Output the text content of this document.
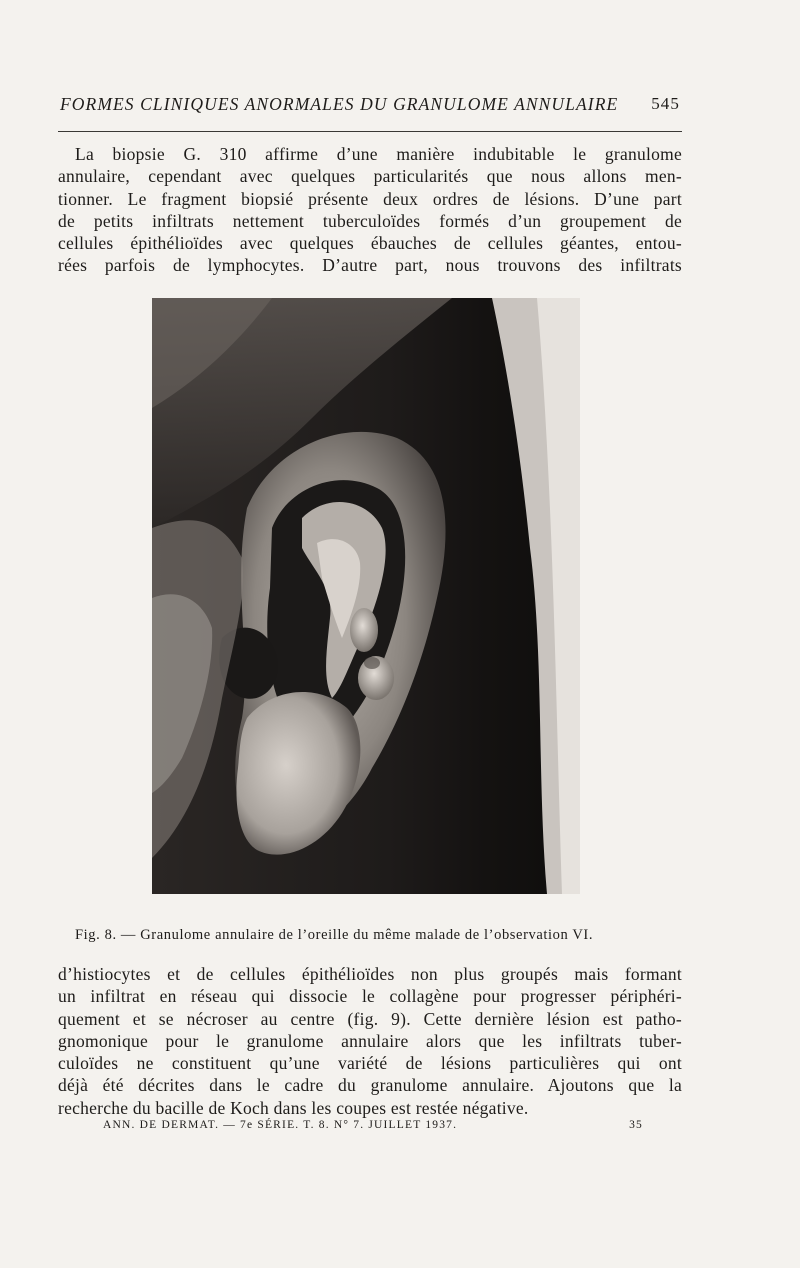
FORMES CLINIQUES ANORMALES DU GRANULOME ANNULAIRE 545
La biopsie G. 310 affirme d’une manière indubitable le granulome
annulaire, cependant avec quelques particularités que nous allons men-
tionner. Le fragment biopsié présente deux ordres de lésions. D’une part
de petits infiltrats nettement tuberculoïdes formés d’un groupement de
cellules épithélioïdes avec quelques ébauches de cellules géantes, entou-
rées parfois de lymphocytes. D’autre part, nous trouvons des infiltrats
Fig. 8. — Granulome annulaire de l’oreille du même malade de l’observation VI.
d’histiocytes et de cellules épithélioïdes non plus groupés mais formant
un infiltrat en réseau qui dissocie le collagène pour progresser périphéri-
quement et se nécroser au centre (fig. 9). Cette dernière lésion est patho-
gnomonique pour le granulome annulaire alors que les infiltrats tuber-
culoïdes ne constituent qu’une variété de lésions particulières qui ont
déjà été décrites dans le cadre du granulome annulaire. Ajoutons que la
recherche du bacille de Koch dans les coupes est restée négative.
ANN. DE DERMAT. — 7e SÉRIE. T. 8. N° 7. JUILLET 1937.	35
